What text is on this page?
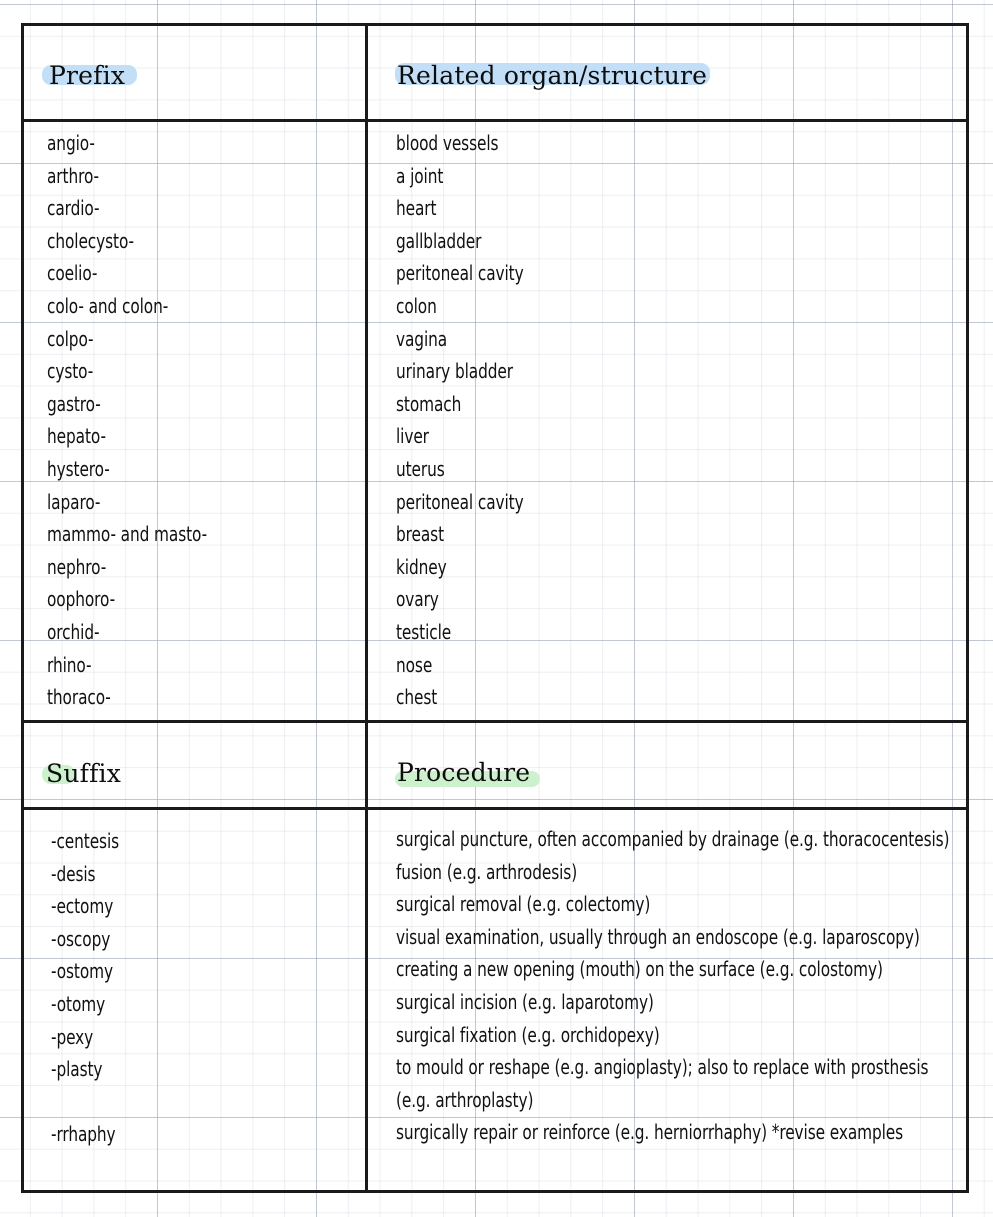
Prefix	Related organ/structure
angio-
arthro-
cardio-
cholecysto-
coelio-
colo- and colon-
colpo-
cysto-
gastro-
hepato-
hystero-
laparo-
mammo- and masto-
nephro-
oophoro-
orchid-
rhino-
thoraco-
blood vessels
a joint
heart
gallbladder
peritoneal cavity
colon
vagina
urinary bladder
stomach
liver
uterus
peritoneal cavity
breast
kidney
ovary
testicle
nose
chest
Suffix	Procedure
-centesis
-desis
-ectomy
-oscopy
-ostomy
-otomy
-pexy
-plasty

-rrhaphy
surgical puncture, often accompanied by drainage (e.g. thoracocentesis)
fusion (e.g. arthrodesis)
surgical removal (e.g. colectomy)
visual examination, usually through an endoscope (e.g. laparoscopy)
creating a new opening (mouth) on the surface (e.g. colostomy)
surgical incision (e.g. laparotomy)
surgical fixation (e.g. orchidopexy)
to mould or reshape (e.g. angioplasty); also to replace with prosthesis
(e.g. arthroplasty)
surgically repair or reinforce (e.g. herniorrhaphy) *revise examples
